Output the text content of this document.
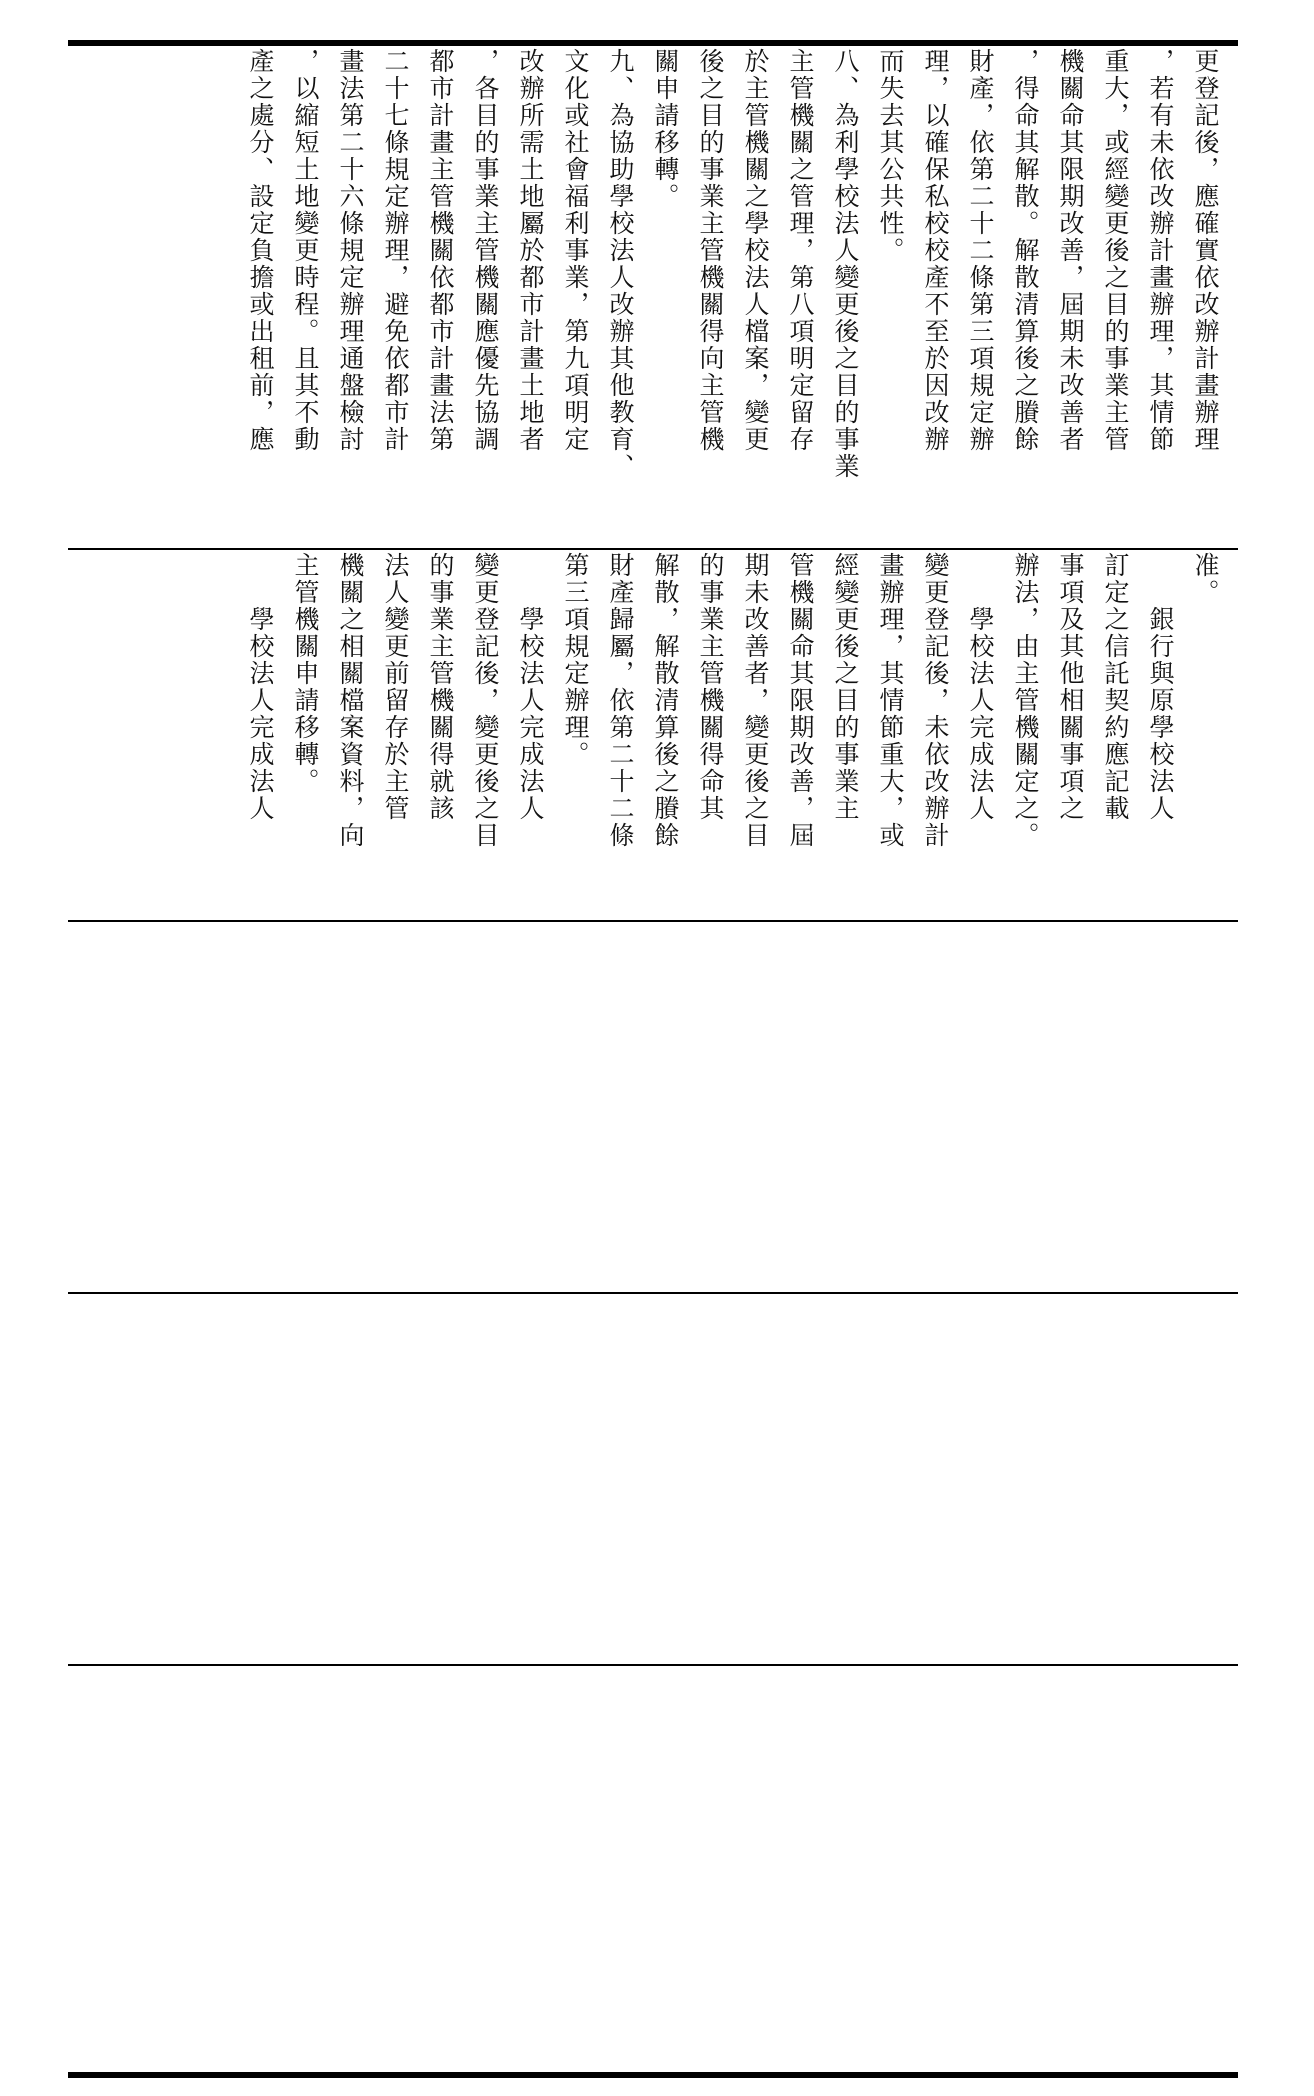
更登記後，應確實依改辦計畫辦理
，若有未依改辦計畫辦理，其情節
重大，或經變更後之目的事業主管
機關命其限期改善，屆期未改善者
，得命其解散。解散清算後之賸餘
財產，依第二十二條第三項規定辦
理，以確保私校校產不至於因改辦
而失去其公共性。
八、為利學校法人變更後之目的事業
主管機關之管理，第八項明定留存
於主管機關之學校法人檔案，變更
後之目的事業主管機關得向主管機
關申請移轉。
九、為協助學校法人改辦其他教育、
文化或社會福利事業，第九項明定
改辦所需土地屬於都市計畫土地者
，各目的事業主管機關應優先協調
都市計畫主管機關依都市計畫法第
二十七條規定辦理，避免依都市計
畫法第二十六條規定辦理通盤檢討
，以縮短土地變更時程。且其不動
產之處分、設定負擔或出租前，應
准。
　　銀行與原學校法人
訂定之信託契約應記載
事項及其他相關事項之
辦法，由主管機關定之。
　　學校法人完成法人
變更登記後，未依改辦計
畫辦理，其情節重大，或
經變更後之目的事業主
管機關命其限期改善，屆
期未改善者，變更後之目
的事業主管機關得命其
解散，解散清算後之賸餘
財產歸屬，依第二十二條
第三項規定辦理。
　　學校法人完成法人
變更登記後，變更後之目
的事業主管機關得就該
法人變更前留存於主管
機關之相關檔案資料，向
主管機關申請移轉。
　　學校法人完成法人
